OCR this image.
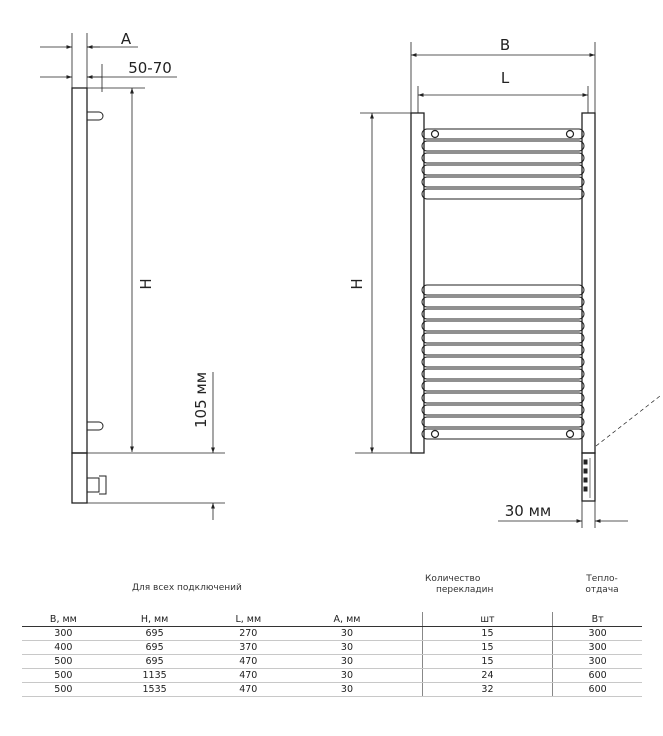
A
50-70
H
105 мм
B
L
H
30 мм
Для всех подключений
Количество
перекладин
Тепло-
отдача
B, мм	H, мм	L, мм	A, мм		шт	Вт
300	695	270	30		15	300
400	695	370	30		15	300
500	695	470	30		15	300
500	1135	470	30		24	600
500	1535	470	30		32	600
